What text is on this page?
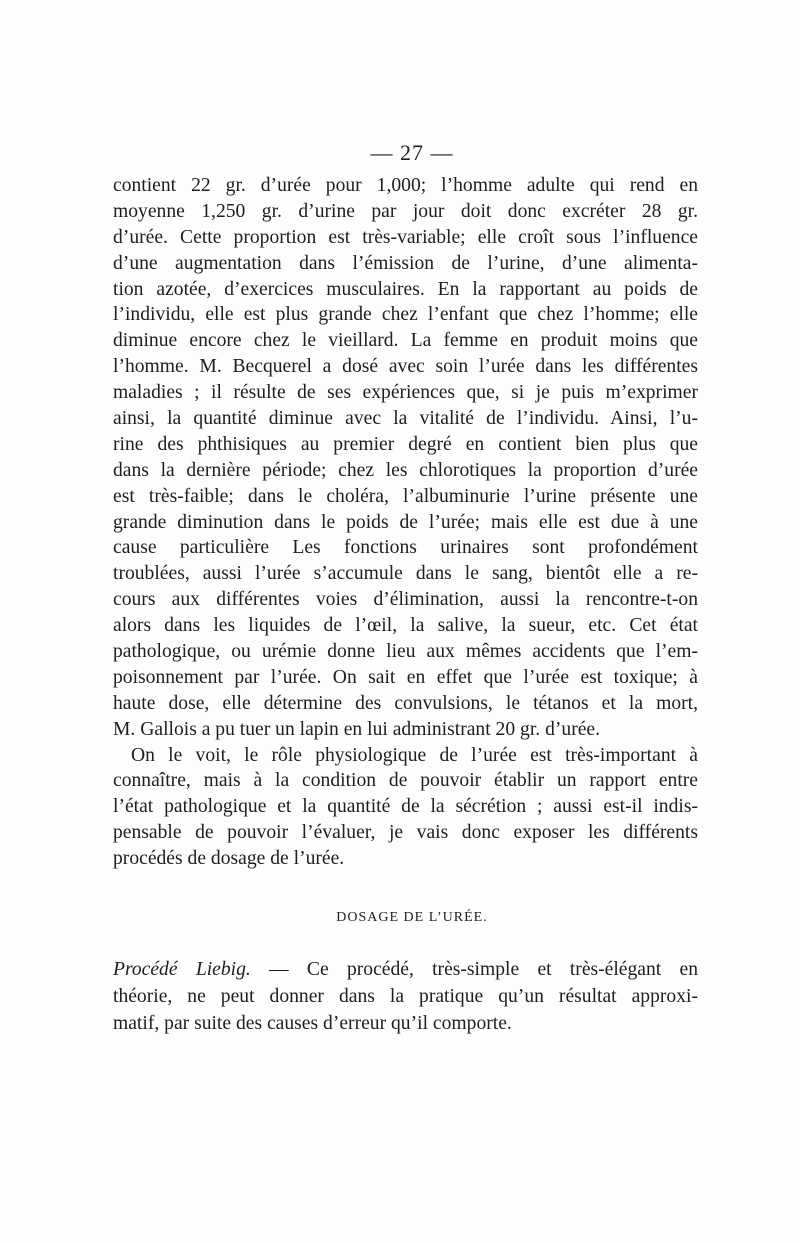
— 27 —
contient 22 gr. d’urée pour 1,000; l’homme adulte qui rend en
moyenne 1,250 gr. d’urine par jour doit donc excréter 28 gr.
d’urée. Cette proportion est très-variable; elle croît sous l’influence
d’une augmentation dans l’émission de l’urine, d’une alimenta-
tion azotée, d’exercices musculaires. En la rapportant au poids de
l’individu, elle est plus grande chez l’enfant que chez l’homme; elle
diminue encore chez le vieillard. La femme en produit moins que
l’homme. M. Becquerel a dosé avec soin l’urée dans les différentes
maladies ; il résulte de ses expériences que, si je puis m’exprimer
ainsi, la quantité diminue avec la vitalité de l’individu. Ainsi, l’u-
rine des phthisiques au premier degré en contient bien plus que
dans la dernière période; chez les chlorotiques la proportion d’urée
est très-faible; dans le choléra, l’albuminurie l’urine présente une
grande diminution dans le poids de l’urée; mais elle est due à une
cause particulière Les fonctions urinaires sont profondément
troublées, aussi l’urée s’accumule dans le sang, bientôt elle a re-
cours aux différentes voies d’élimination, aussi la rencontre-t-on
alors dans les liquides de l’œil, la salive, la sueur, etc. Cet état
pathologique, ou urémie donne lieu aux mêmes accidents que l’em-
poisonnement par l’urée. On sait en effet que l’urée est toxique; à
haute dose, elle détermine des convulsions, le tétanos et la mort,
M. Gallois a pu tuer un lapin en lui administrant 20 gr. d’urée.
On le voit, le rôle physiologique de l’urée est très-important à
connaître, mais à la condition de pouvoir établir un rapport entre
l’état pathologique et la quantité de la sécrétion ; aussi est-il indis-
pensable de pouvoir l’évaluer, je vais donc exposer les différents
procédés de dosage de l’urée.
DOSAGE DE L’URÉE.
Procédé Liebig. — Ce procédé, très-simple et très-élégant en
théorie, ne peut donner dans la pratique qu’un résultat approxi-
matif, par suite des causes d’erreur qu’il comporte.
